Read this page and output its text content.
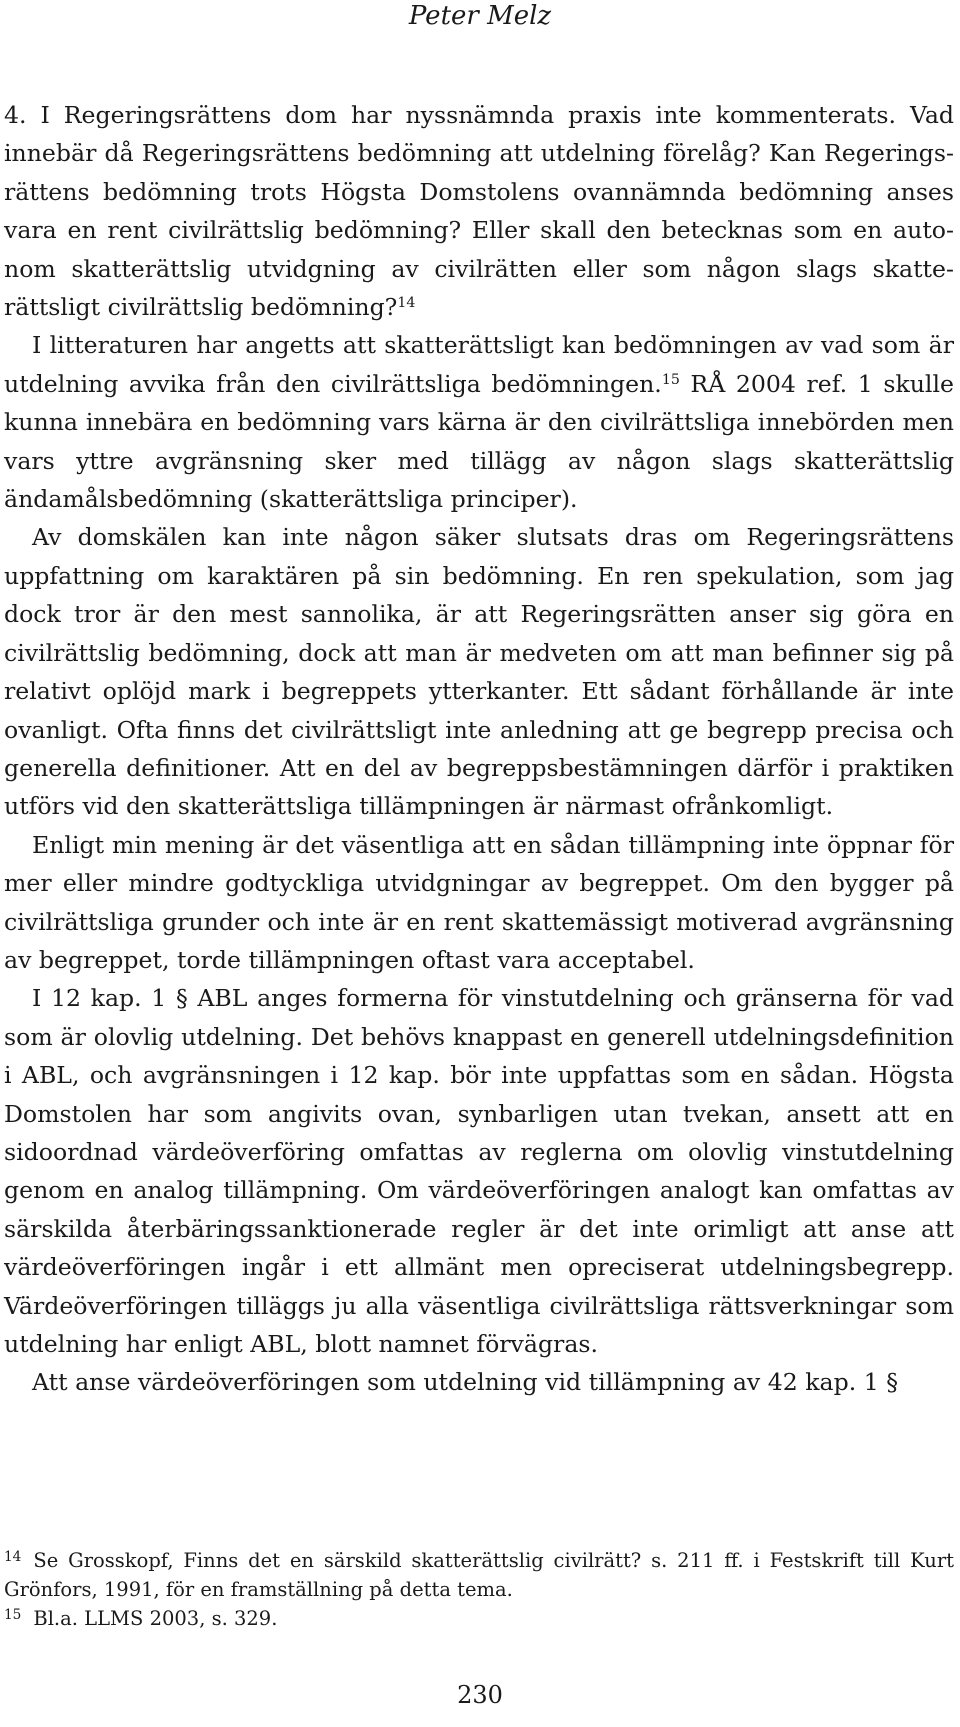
Peter Melz

4. I Regeringsrättens dom har nyssnämnda praxis inte kommenterats. Vad innebär då Regeringsrättens bedömning att utdelning förelåg? Kan Regeringsrättens bedömning trots Högsta Domstolens ovannämnda bedömning anses vara en rent civilrättslig bedömning? Eller skall den betecknas som en autonom skatterättslig utvidgning av civilrätten eller som någon slags skatterättsligt civilrättslig bedömning?$^{14}$

I litteraturen har angetts att skatterättsligt kan bedömningen av vad som är utdelning avvika från den civilrättsliga bedömningen.$^{15}$ RÅ 2004 ref. 1 skulle kunna innebära en bedömning vars kärna är den civilrättsliga innebörden men vars yttre avgränsning sker med tillägg av någon slags skatterättslig ändamålsbedömning (skatterättsliga principer).

Av domskälen kan inte någon säker slutsats dras om Regeringsrättens uppfattning om karaktären på sin bedömning. En ren spekulation, som jag dock tror är den mest sannolika, är att Regeringsrätten anser sig göra en civilrättslig bedömning, dock att man är medveten om att man befinner sig på relativt oplöjd mark i begreppets ytterkanter. Ett sådant förhållande är inte ovanligt. Ofta finns det civilrättsligt inte anledning att ge begrepp precisa och generella definitioner. Att en del av begreppsbestämningen därför i praktiken utförs vid den skatterättsliga tillämpningen är närmast ofrånkomligt.

Enligt min mening är det väsentliga att en sådan tillämpning inte öppnar för mer eller mindre godtyckliga utvidgningar av begreppet. Om den bygger på civilrättsliga grunder och inte är en rent skattemässigt motiverad avgränsning av begreppet, torde tillämpningen oftast vara acceptabel.

I 12 kap. 1 § ABL anges formerna för vinstutdelning och gränserna för vad som är olovlig utdelning. Det behövs knappast en generell utdelningsdefinition i ABL, och avgränsningen i 12 kap. bör inte uppfattas som en sådan. Högsta Domstolen har som angivits ovan, synbarligen utan tvekan, ansett att en sidoordnad värdeöverföring omfattas av reglerna om olovlig vinstutdelning genom en analog tillämpning. Om värdeöverföringen analogt kan omfattas av särskilda återbäringssanktionerade regler är det inte orimligt att anse att värdeöverföringen ingår i ett allmänt men opreciserat utdelningsbegrepp. Värdeöverföringen tilläggs ju alla väsentliga civilrättsliga rättsverkningar som utdelning har enligt ABL, blott namnet förvägras.

Att anse värdeöverföringen som utdelning vid tillämpning av 42 kap. 1 §

$^{14}$ Se Grosskopf, Finns det en särskild skatterättslig civilrätt? s. 211 ff. i Festskrift till Kurt Grönfors, 1991, för en framställning på detta tema.

$^{15}$ Bl.a. LLMS 2003, s. 329.

230
